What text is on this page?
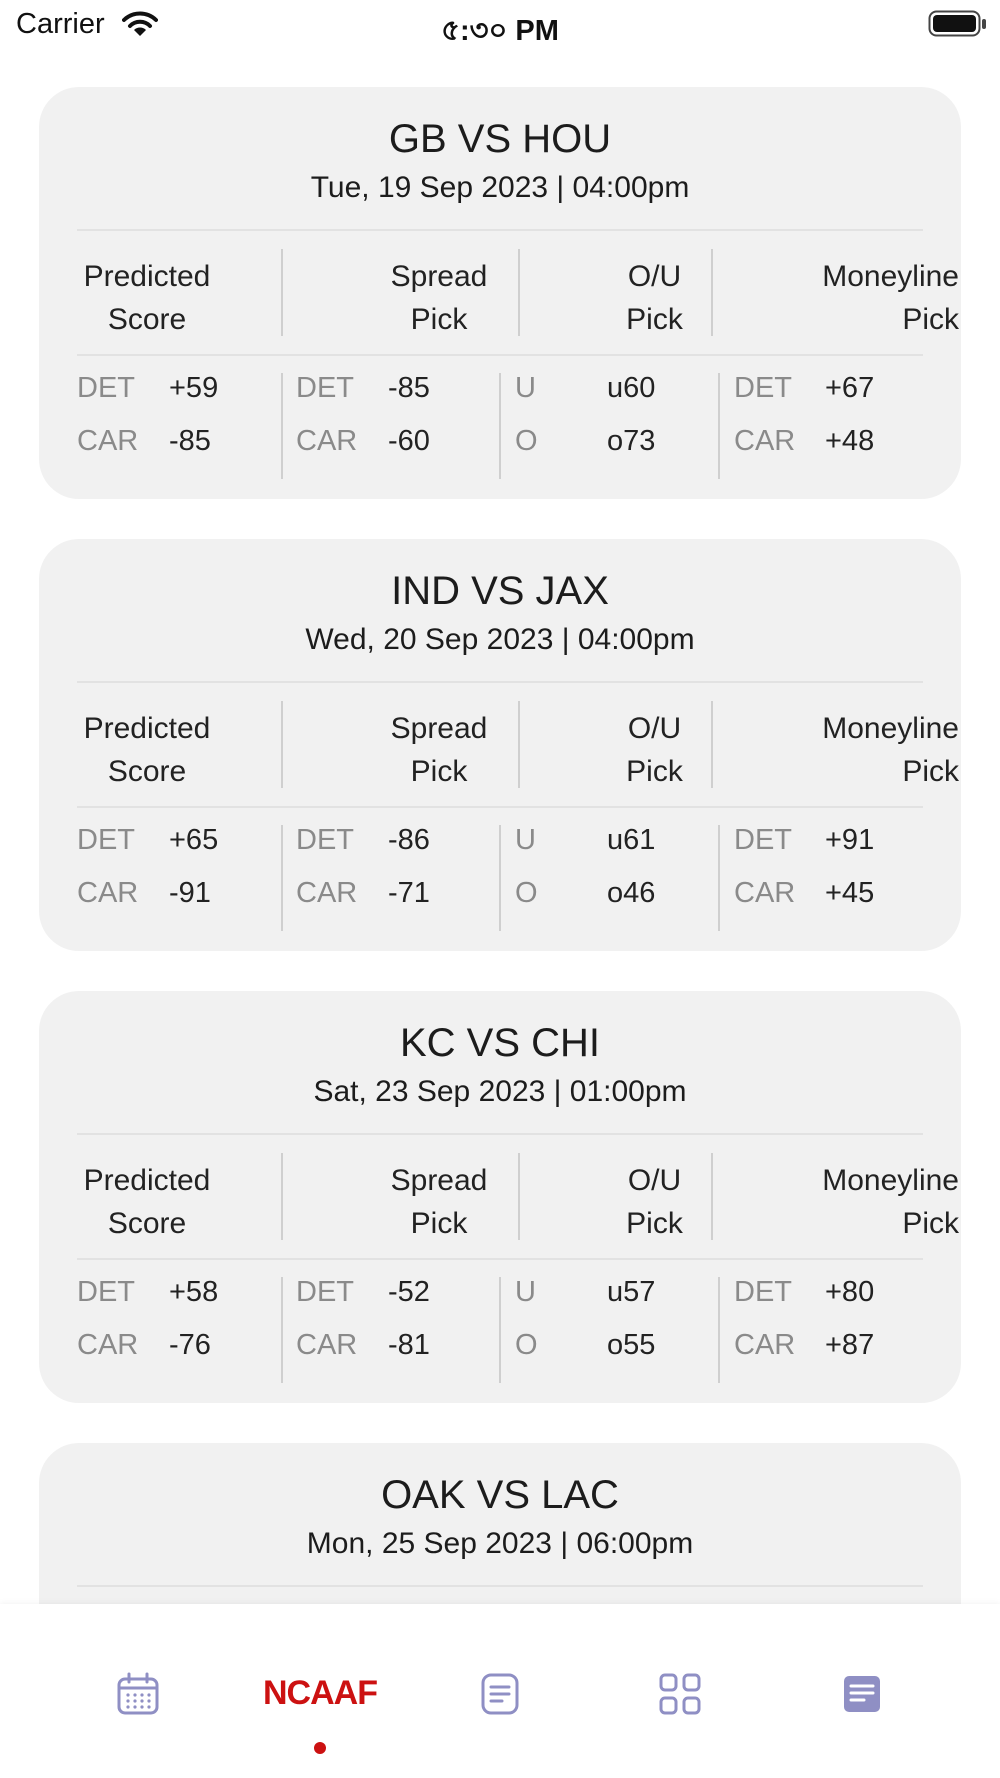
Carrier	৫:৩০ PM
GB VS HOU
Tue, 19 Sep 2023 | 04:00pm
Predicted
Score
Spread
Pick
O/U
Pick
Moneyline
Pick
DET +59
CAR -85
DET -85
CAR -60
U u60
O o73
DET +67
CAR +48
IND VS JAX
Wed, 20 Sep 2023 | 04:00pm
Predicted
Score
Spread
Pick
O/U
Pick
Moneyline
Pick
DET +65
CAR -91
DET -86
CAR -71
U u61
O o46
DET +91
CAR +45
KC VS CHI
Sat, 23 Sep 2023 | 01:00pm
Predicted
Score
Spread
Pick
O/U
Pick
Moneyline
Pick
DET +58
CAR -76
DET -52
CAR -81
U u57
O o55
DET +80
CAR +87
OAK VS LAC
Mon, 25 Sep 2023 | 06:00pm
NCAAF
